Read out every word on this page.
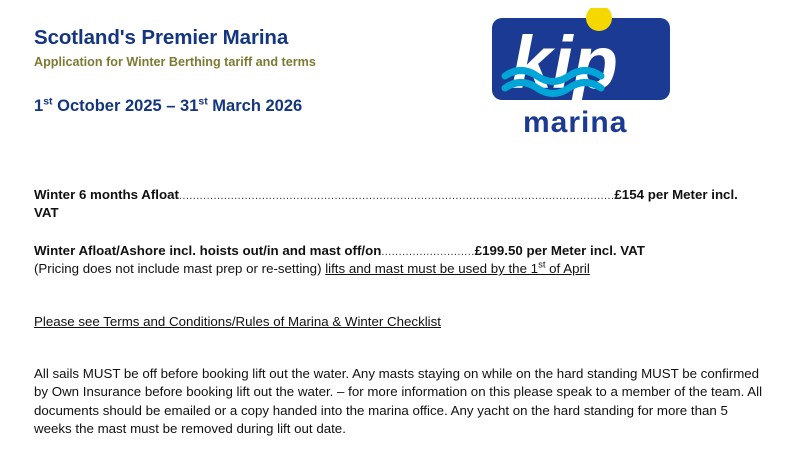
Scotland's Premier Marina
Application for Winter Berthing tariff and terms
1st October 2025 – 31st March 2026
kip
marina
Winter 6 months Afloat..............................................................................................................................£154 per Meter incl. VAT
Winter Afloat/Ashore incl. hoists out/in and mast off/on...........................£199.50 per Meter incl. VAT
(Pricing does not include mast prep or re-setting) lifts and mast must be used by the 1st of April
Please see Terms and Conditions/Rules of Marina & Winter Checklist

All sails MUST be off before booking lift out the water. Any masts staying on while on the hard standing MUST be confirmed by Own Insurance before booking lift out the water. – for more information on this please speak to a member of the team. All documents should be emailed or a copy handed into the marina office. Any yacht on the hard standing for more than 5 weeks the mast must be removed during lift out date.
